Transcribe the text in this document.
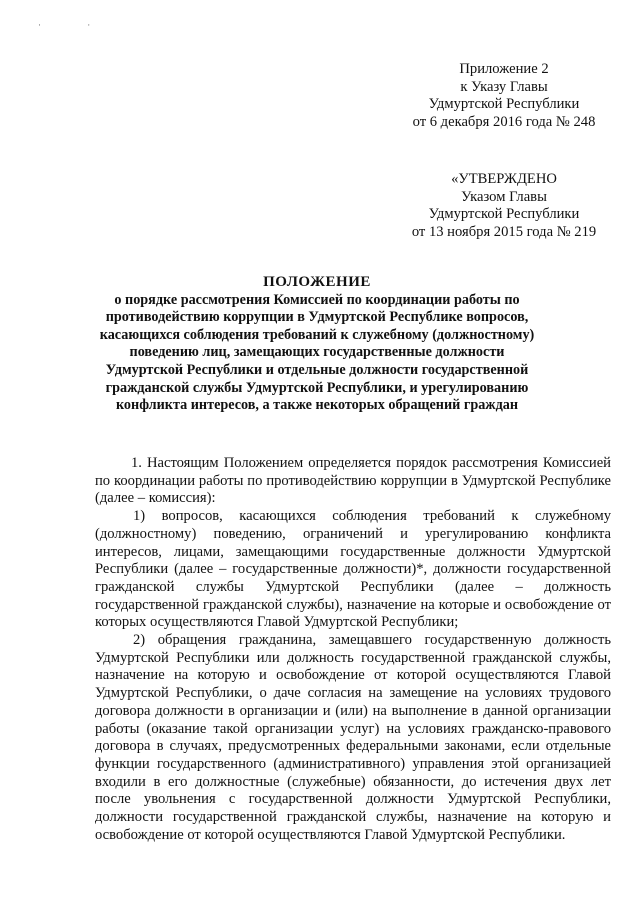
· ·
Приложение 2
к Указу Главы
Удмуртской Республики
от 6 декабря 2016 года № 248
«УТВЕРЖДЕНО
Указом Главы
Удмуртской Республики
от 13 ноября 2015 года № 219
ПОЛОЖЕНИЕ
о порядке рассмотрения Комиссией по координации работы по противодействию коррупции в Удмуртской Республике вопросов, касающихся соблюдения требований к служебному (должностному) поведению лиц, замещающих государственные должности Удмуртской Республики и отдельные должности государственной гражданской службы Удмуртской Республики, и урегулированию конфликта интересов, а также некоторых обращений граждан

1. Настоящим Положением определяется порядок рассмотрения Комиссией по координации работы по противодействию коррупции в Удмуртской Республике (далее – комиссия):

1) вопросов, касающихся соблюдения требований к служебному (должностному) поведению, ограничений и урегулированию конфликта интересов, лицами, замещающими государственные должности Удмуртской Республики (далее – государственные должности)*, должности государственной гражданской службы Удмуртской Республики (далее – должность государственной гражданской службы), назначение на которые и освобождение от которых осуществляются Главой Удмуртской Республики;

2) обращения гражданина, замещавшего государственную должность Удмуртской Республики или должность государственной гражданской службы, назначение на которую и освобождение от которой осуществляются Главой Удмуртской Республики, о даче согласия на замещение на условиях трудового договора должности в организации и (или) на выполнение в данной организации работы (оказание такой организации услуг) на условиях гражданско-правового договора в случаях, предусмотренных федеральными законами, если отдельные функции государственного (административного) управления этой организацией входили в его должностные (служебные) обязанности, до истечения двух лет после увольнения с государственной должности Удмуртской Республики, должности государственной гражданской службы, назначение на которую и освобождение от которой осуществляются Главой Удмуртской Республики.
